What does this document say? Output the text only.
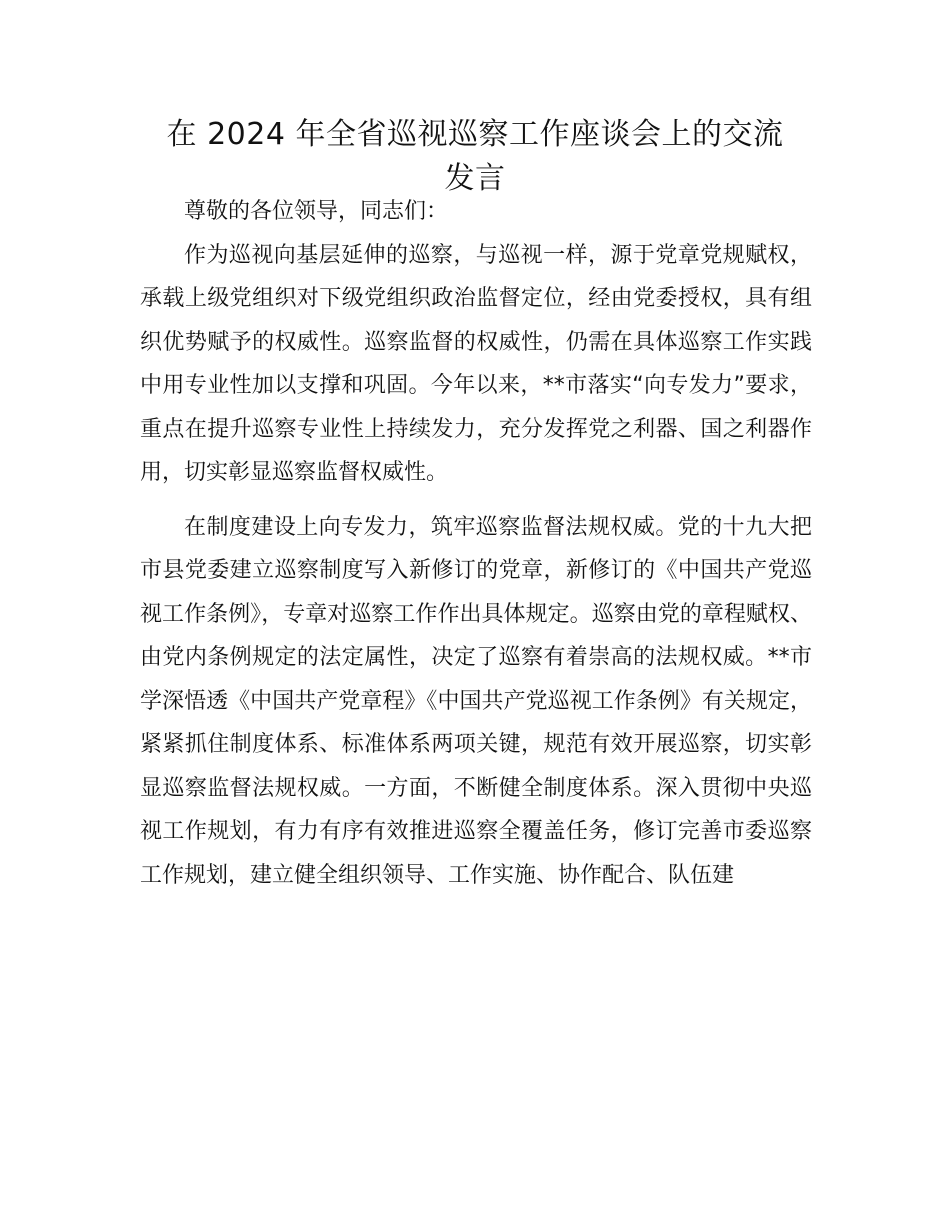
在 2024 年全省巡视巡察工作座谈会上的交流
发言

尊敬的各位领导，同志们：

作为巡视向基层延伸的巡察，与巡视一样，源于党章党规赋权，承载上级党组织对下级党组织政治监督定位，经由党委授权，具有组织优势赋予的权威性。巡察监督的权威性，仍需在具体巡察工作实践中用专业性加以支撑和巩固。今年以来，**市落实“向专发力”要求，重点在提升巡察专业性上持续发力，充分发挥党之利器、国之利器作用，切实彰显巡察监督权威性。

在制度建设上向专发力，筑牢巡察监督法规权威。党的十九大把市县党委建立巡察制度写入新修订的党章，新修订的《中国共产党巡视工作条例》，专章对巡察工作作出具体规定。巡察由党的章程赋权、由党内条例规定的法定属性，决定了巡察有着崇高的法规权威。**市学深悟透《中国共产党章程》《中国共产党巡视工作条例》有关规定，紧紧抓住制度体系、标准体系两项关键，规范有效开展巡察，切实彰显巡察监督法规权威。一方面，不断健全制度体系。深入贯彻中央巡视工作规划，有力有序有效推进巡察全覆盖任务，修订完善市委巡察工作规划，建立健全组织领导、工作实施、协作配合、队伍建
